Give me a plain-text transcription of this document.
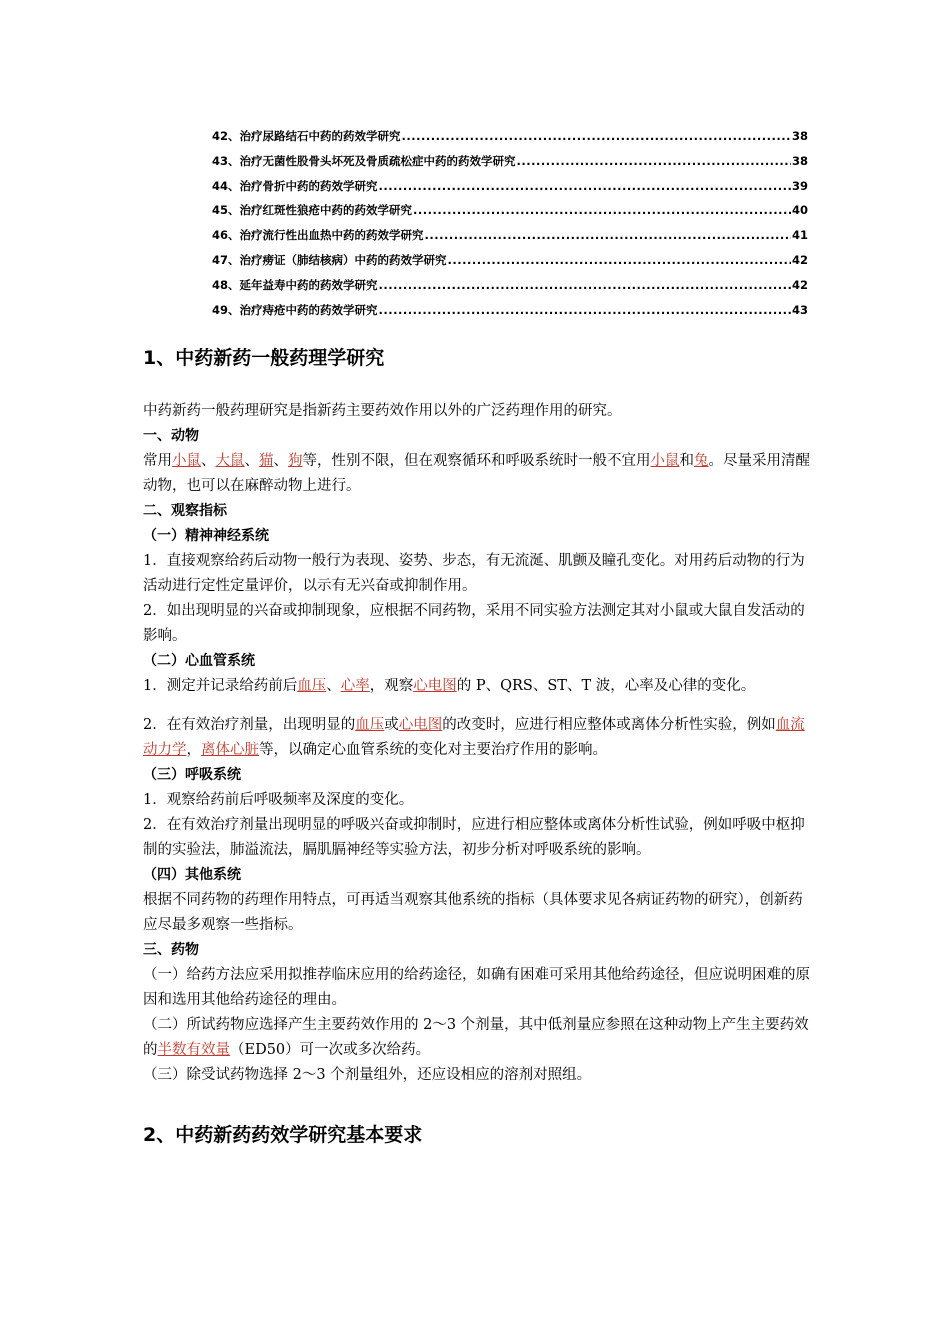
42、治疗尿路结石中药的药效学研究 .....	38
43、治疗无菌性股骨头坏死及骨质疏松症中药的药效学研究 .....	38
44、治疗骨折中药的药效学研究 .....	39
45、治疗红斑性狼疮中药的药效学研究 .....	40
46、治疗流行性出血热中药的药效学研究 .....	41
47、治疗痨证（肺结核病）中药的药效学研究 .....	42
48、延年益寿中药的药效学研究 .....	42
49、治疗痔疮中药的药效学研究 .....	43
1、中药新药一般药理学研究

中药新药一般药理研究是指新药主要药效作用以外的广泛药理作用的研究。

一、动物

常用小鼠、大鼠、猫、狗等，性别不限，但在观察循环和呼吸系统时一般不宜用小鼠和兔。尽量采用清醒动物，也可以在麻醉动物上进行。

二、观察指标

（一）精神神经系统

1．直接观察给药后动物一般行为表现、姿势、步态，有无流涎、肌颤及瞳孔变化。对用药后动物的行为活动进行定性定量评价，以示有无兴奋或抑制作用。

2．如出现明显的兴奋或抑制现象，应根据不同药物，采用不同实验方法测定其对小鼠或大鼠自发活动的影响。

（二）心血管系统

1．测定并记录给药前后血压、心率，观察心电图的 P、QRS、ST、T 波，心率及心律的变化。

2．在有效治疗剂量，出现明显的血压或心电图的改变时，应进行相应整体或离体分析性实验，例如血流动力学，离体心脏等，以确定心血管系统的变化对主要治疗作用的影响。

（三）呼吸系统

1．观察给药前后呼吸频率及深度的变化。

2．在有效治疗剂量出现明显的呼吸兴奋或抑制时，应进行相应整体或离体分析性试验，例如呼吸中枢抑制的实验法，肺溢流法，膈肌膈神经等实验方法，初步分析对呼吸系统的影响。

（四）其他系统

根据不同药物的药理作用特点，可再适当观察其他系统的指标（具体要求见各病证药物的研究），创新药应尽最多观察一些指标。

三、药物

（一）给药方法应采用拟推荐临床应用的给药途径，如确有困难可采用其他给药途径，但应说明困难的原因和选用其他给药途径的理由。

（二）所试药物应选择产生主要药效作用的 2～3 个剂量，其中低剂量应参照在这种动物上产生主要药效的半数有效量（ED50）可一次或多次给药。

（三）除受试药物选择 2～3 个剂量组外，还应设相应的溶剂对照组。

2、中药新药药效学研究基本要求
